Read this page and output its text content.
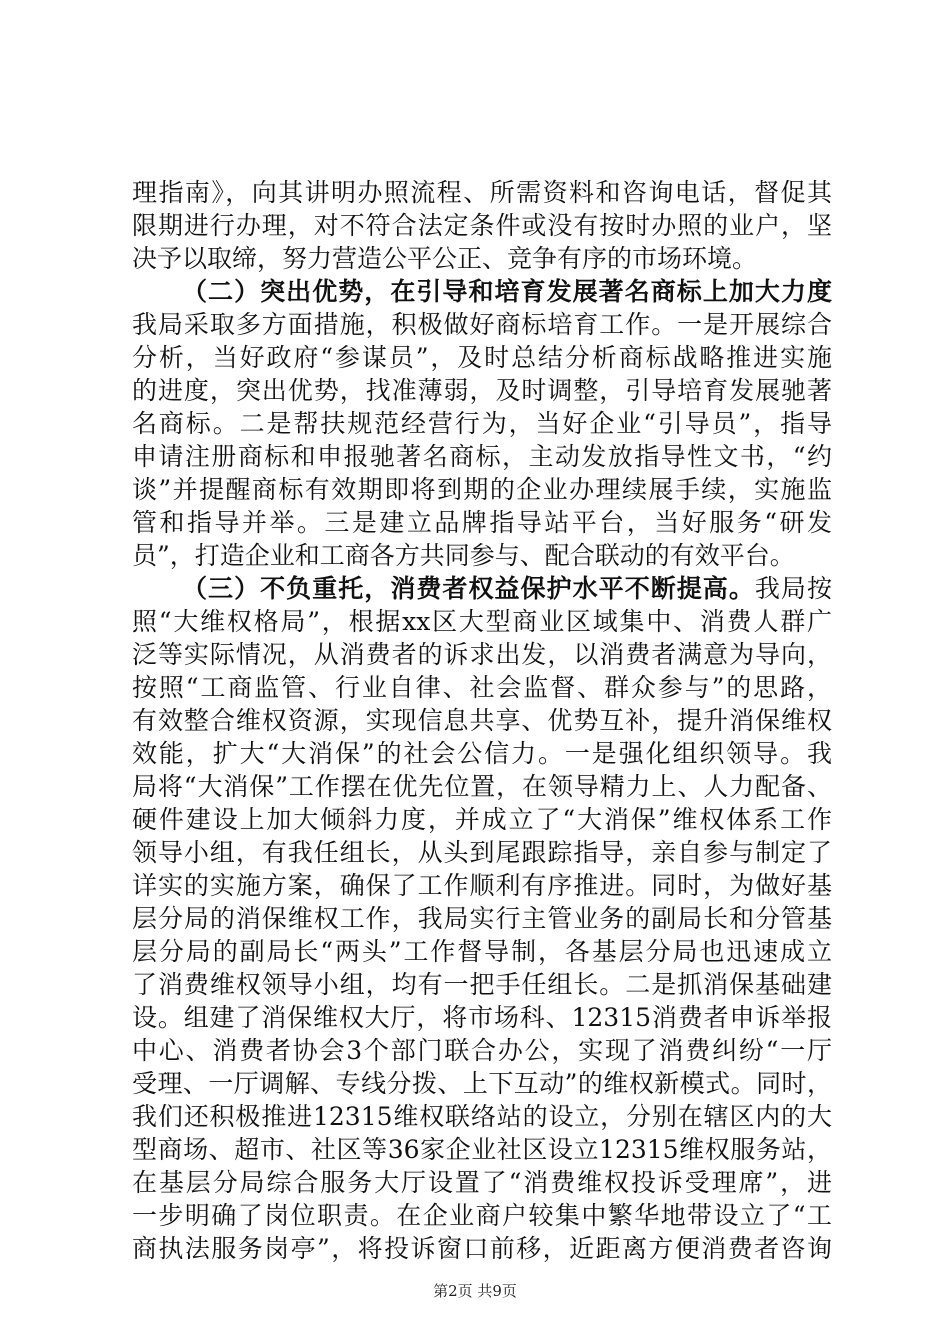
理指南》，向其讲明办照流程、所需资料和咨询电话，督促其
限期进行办理，对不符合法定条件或没有按时办照的业户，坚
决予以取缔，努力营造公平公正、竞争有序的市场环境。
（二）突出优势，在引导和培育发展著名商标上加大力度
我局采取多方面措施，积极做好商标培育工作。一是开展综合
分析，当好政府“参谋员”，及时总结分析商标战略推进实施
的进度，突出优势，找准薄弱，及时调整，引导培育发展驰著
名商标。二是帮扶规范经营行为，当好企业“引导员”，指导
申请注册商标和申报驰著名商标，主动发放指导性文书，“约
谈”并提醒商标有效期即将到期的企业办理续展手续，实施监
管和指导并举。三是建立品牌指导站平台，当好服务“研发
员”，打造企业和工商各方共同参与、配合联动的有效平台。
（三）不负重托，消费者权益保护水平不断提高。我局按
照“大维权格局”，根据xx区大型商业区域集中、消费人群广
泛等实际情况，从消费者的诉求出发，以消费者满意为导向，
按照“工商监管、行业自律、社会监督、群众参与”的思路，
有效整合维权资源，实现信息共享、优势互补，提升消保维权
效能，扩大“大消保”的社会公信力。一是强化组织领导。我
局将“大消保”工作摆在优先位置，在领导精力上、人力配备、
硬件建设上加大倾斜力度，并成立了“大消保”维权体系工作
领导小组，有我任组长，从头到尾跟踪指导，亲自参与制定了
详实的实施方案，确保了工作顺利有序推进。同时，为做好基
层分局的消保维权工作，我局实行主管业务的副局长和分管基
层分局的副局长“两头”工作督导制，各基层分局也迅速成立
了消费维权领导小组，均有一把手任组长。二是抓消保基础建
设。组建了消保维权大厅，将市场科、12315消费者申诉举报
中心、消费者协会3个部门联合办公，实现了消费纠纷“一厅
受理、一厅调解、专线分拨、上下互动”的维权新模式。同时，
我们还积极推进12315维权联络站的设立，分别在辖区内的大
型商场、超市、社区等36家企业社区设立12315维权服务站，
在基层分局综合服务大厅设置了“消费维权投诉受理席”，进
一步明确了岗位职责。在企业商户较集中繁华地带设立了“工
商执法服务岗亭”，将投诉窗口前移，近距离方便消费者咨询
第2页 共9页
